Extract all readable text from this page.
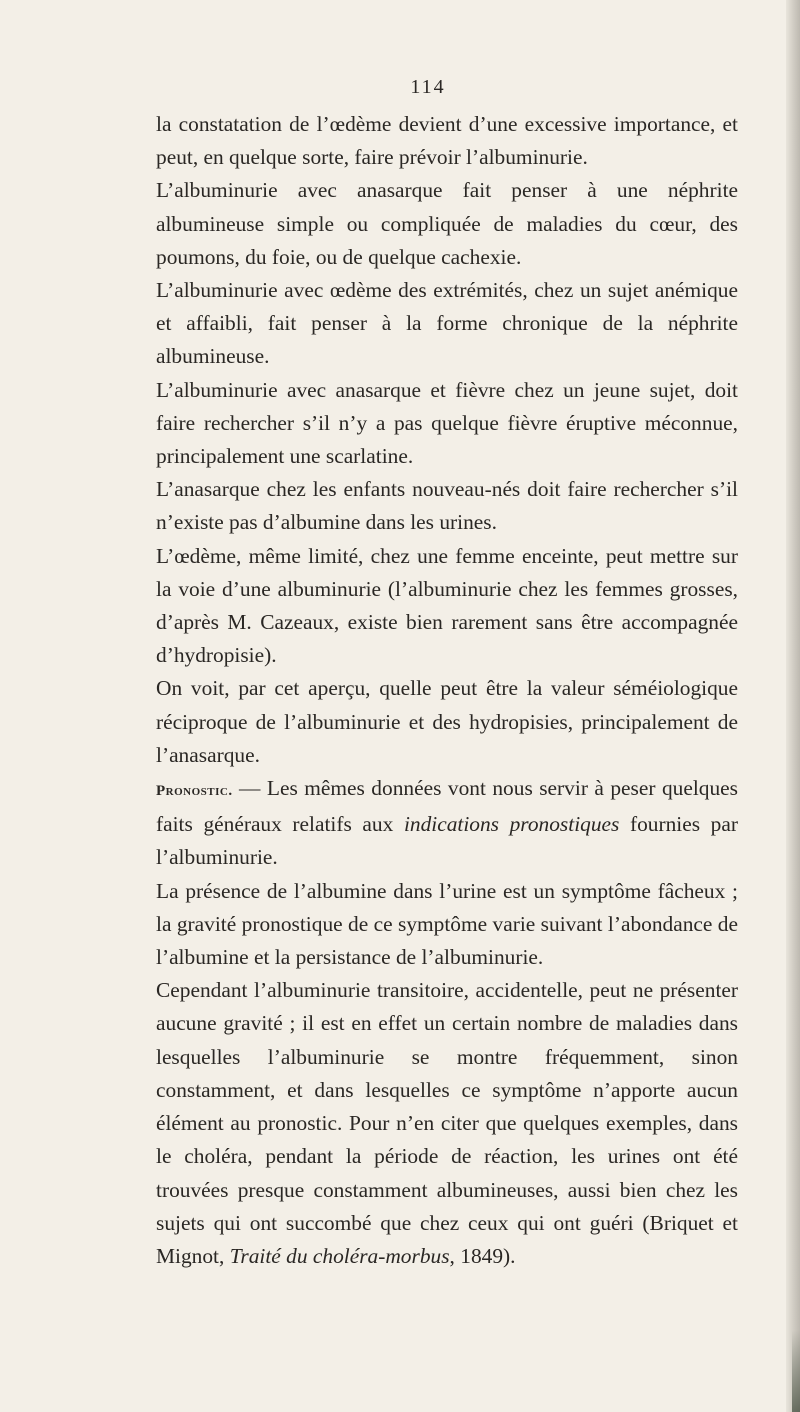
114

la constatation de l’œdème devient d’une excessive importance, et peut, en quelque sorte, faire prévoir l’albuminurie.

L’albuminurie avec anasarque fait penser à une néphrite albumineuse simple ou compliquée de maladies du cœur, des poumons, du foie, ou de quelque cachexie.

L’albuminurie avec œdème des extrémités, chez un sujet anémique et affaibli, fait penser à la forme chronique de la néphrite albumineuse.

L’albuminurie avec anasarque et fièvre chez un jeune sujet, doit faire rechercher s’il n’y a pas quelque fièvre éruptive méconnue, principalement une scarlatine.

L’anasarque chez les enfants nouveau-nés doit faire rechercher s’il n’existe pas d’albumine dans les urines.

L’œdème, même limité, chez une femme enceinte, peut mettre sur la voie d’une albuminurie (l’albuminurie chez les femmes grosses, d’après M. Cazeaux, existe bien rarement sans être accompagnée d’hydropisie).

On voit, par cet aperçu, quelle peut être la valeur séméiologique réciproque de l’albuminurie et des hydropisies, principalement de l’anasarque.

Pronostic. — Les mêmes données vont nous servir à peser quelques faits généraux relatifs aux indications pronostiques fournies par l’albuminurie.

La présence de l’albumine dans l’urine est un symptôme fâcheux ; la gravité pronostique de ce symptôme varie suivant l’abondance de l’albumine et la persistance de l’albuminurie.

Cependant l’albuminurie transitoire, accidentelle, peut ne présenter aucune gravité ; il est en effet un certain nombre de maladies dans lesquelles l’albuminurie se montre fréquemment, sinon constamment, et dans lesquelles ce symptôme n’apporte aucun élément au pronostic. Pour n’en citer que quelques exemples, dans le choléra, pendant la période de réaction, les urines ont été trouvées presque constamment albumineuses, aussi bien chez les sujets qui ont succombé que chez ceux qui ont guéri (Briquet et Mignot, Traité du choléra-morbus, 1849).
